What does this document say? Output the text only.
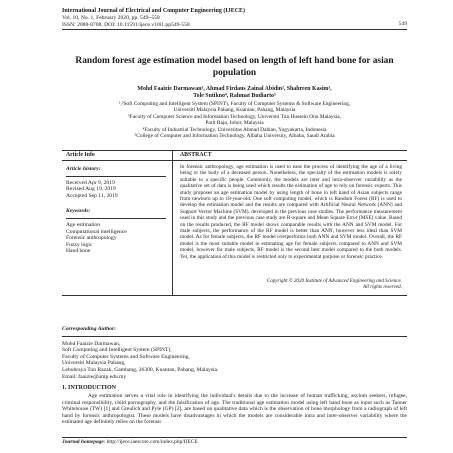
International Journal of Electrical and Computer Engineering (IJECE)
Vol. 10, No. 1, February 2020, pp. 549~558
ISSN: 2088-8708, DOI: 10.11591/ijece.v10i1.pp549-558	549
Random forest age estimation model based on length of left hand bone for asian population
Mohd Faaizie Darmawan¹, Ahmad Firdaus Zainal Abidin², Shahreen Kasim³,
Tole Sutikno⁴, Rahmat Budiarto⁵
¹,²Soft Computing and Intelligent System (SPINT), Faculty of Computer Systems & Software Engineering,
Universiti Malaysia Pahang, Kuantan, Pahang, Malaysia
³Faculty of Computer Science and Information Technology, Universiti Tun Hussein Onn Malaysia,
Parit Raja, Johor, Malaysia
⁴Faculty of Industrial Technology, Universitas Ahmad Dahlan, Yogyakarta, Indonesia
⁵College of Computer and Information Technology, Albaha University, Albaha, Saudi Arabia
Article Info	ABSTRACT
Article history:
Received Apr 9, 2019
Revised Aug 19, 2019
Accepted Sep 11, 2019
Keywords:
Age estimation
Computational intelligence
Forensic anthropology
Fuzzy logic
Hand bone
In forensic anthropology, age estimation is used to ease the process of identifying the age of a living being or the body of a deceased person. Nonetheless, the specialty of the estimation models is solely suitable to a specific people. Commonly, the models are inter and intra-observer variability as the qualitative set of data is being used which results the estimation of age to rely on forensic experts. This study proposes an age estimation model by using length of bone in left hand of Asian subjects range from newborn up to 18-year-old. One soft computing model, which is Random Forest (RF) is used to develop the estimation model and the results are compared with Artificial Neural Network (ANN) and Support Vector Machine (SVM), developed in the previous case studies. The performance measurement used in this study and the previous case study are R-square and Mean Square Error (MSE) value. Based on the results produced, the RF model shows comparable results with the ANN and SVM model. For male subjects, the performance of the RF model is better than ANN, however less ideal than SVM model. As for female subjects, the RF model overperforms both ANN and SVM model. Overall, the RF model is the most suitable model in estimating age for female subjects compared to ANN and SVM model, however for male subjects, RF model is the second best model compared to the both models. Yet, the application of this model is restricted only to experimental purpose or forensic practice.
Copyright © 2020 Institute of Advanced Engineering and Science.
All rights reserved.
Corresponding Author:
Mohd Faaizie Darmawan,
Soft Computing and Intelligent System (SPINT),
Faculty of Computer Systems and Software Engineering,
Universiti Malaysia Pahang,
Lebuhraya Tun Razak, Gambang, 26300, Kuantan, Pahang, Malaysia.
Email: faaizie@ump.edu.my
1. INTRODUCTION
Age estimation serves a vital role in identifying the individual's details due to the increase of human trafficking, asylum seekers, refugee, criminal responsibility, child pornography, and the falsification of age. The traditional age estimation model using left hand bone as input such as Tanner Whitehouse (TW) [1] and Greulich and Pyle (GP) [2], are based on qualitative data which is the observation of bone morphology from a radiograph of left hand by forensic anthropologist. These models have disadvantages in which the models are considerable intra and inter-observer variability where the estimated age definitely relies on the forensic
Journal homepage: http://ijece.iaescore.com/index.php/IJECE
